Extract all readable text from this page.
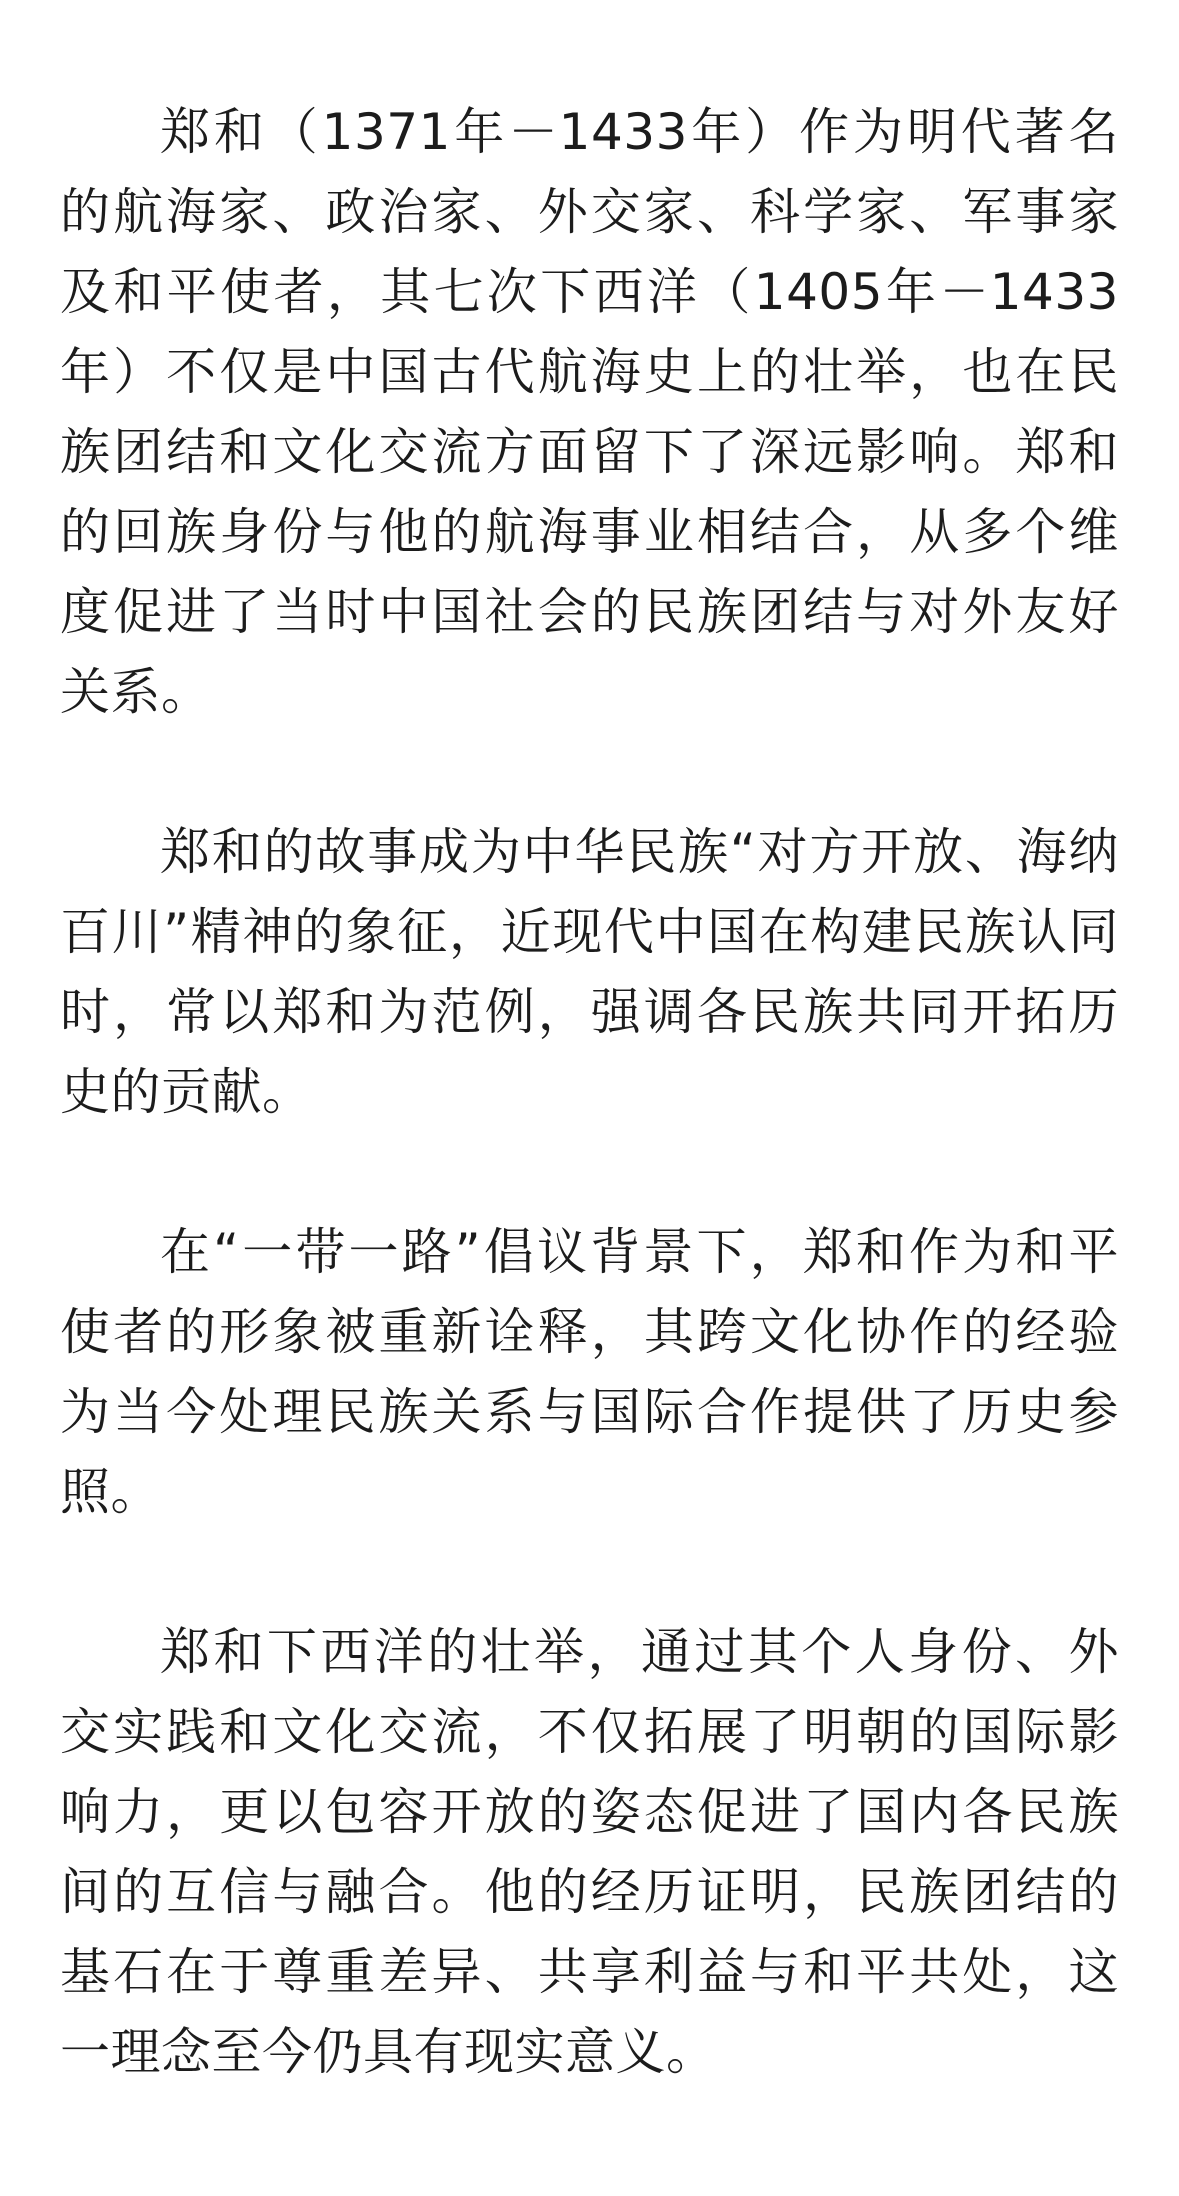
郑和（1371年－1433年）作为明代著名的航海家、政治家、外交家、科学家、军事家及和平使者，其七次下西洋（1405年－1433年）不仅是中国古代航海史上的壮举，也在民族团结和文化交流方面留下了深远影响。郑和的回族身份与他的航海事业相结合，从多个维度促进了当时中国社会的民族团结与对外友好关系。

郑和的故事成为中华民族“对方开放、海纳百川”精神的象征，近现代中国在构建民族认同时，常以郑和为范例，强调各民族共同开拓历史的贡献。

在“一带一路”倡议背景下，郑和作为和平使者的形象被重新诠释，其跨文化协作的经验为当今处理民族关系与国际合作提供了历史参照。

郑和下西洋的壮举，通过其个人身份、外交实践和文化交流，不仅拓展了明朝的国际影响力，更以包容开放的姿态促进了国内各民族间的互信与融合。他的经历证明，民族团结的基石在于尊重差异、共享利益与和平共处，这一理念至今仍具有现实意义。
